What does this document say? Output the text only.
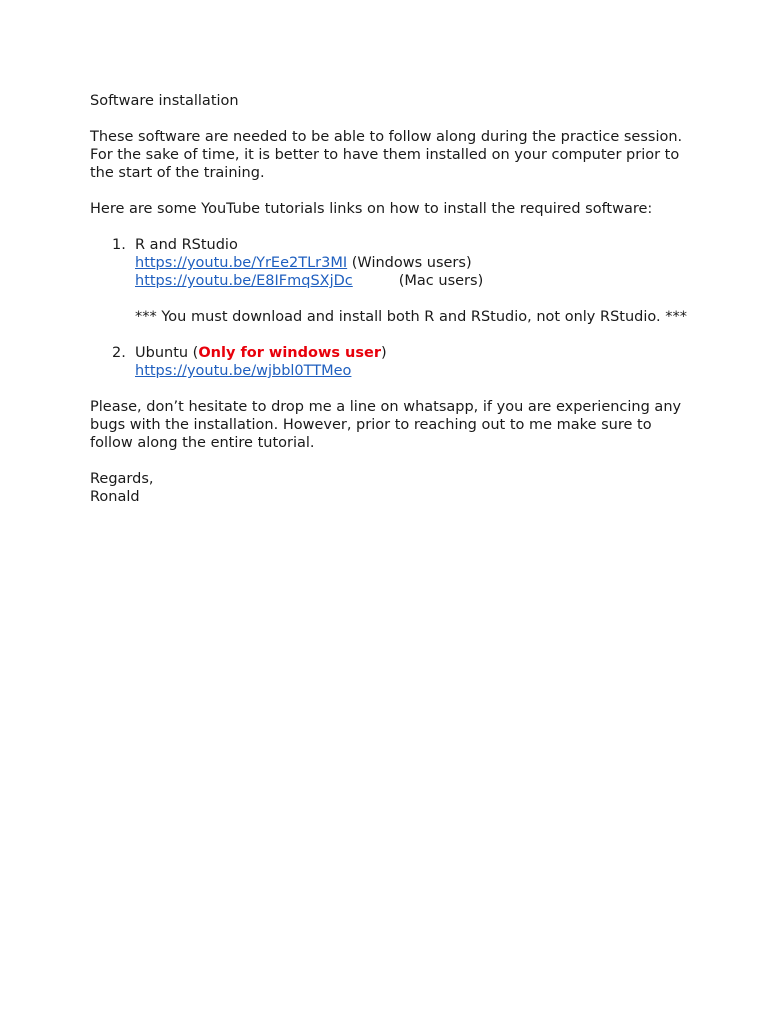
Software installation

These software are needed to be able to follow along during the practice session.

For the sake of time, it is better to have them installed on your computer prior to the start of the training.

Here are some YouTube tutorials links on how to install the required software:

1. R and RStudio

https://youtu.be/YrEe2TLr3MI (Windows users)

https://youtu.be/E8IFmqSXjDc	(Mac users)

*** You must download and install both R and RStudio, not only RStudio. ***

2. Ubuntu (Only for windows user)

https://youtu.be/wjbbl0TTMeo

Please, don’t hesitate to drop me a line on whatsapp, if you are experiencing any bugs with the installation. However, prior to reaching out to me make sure to follow along the entire tutorial.

Regards,

Ronald
